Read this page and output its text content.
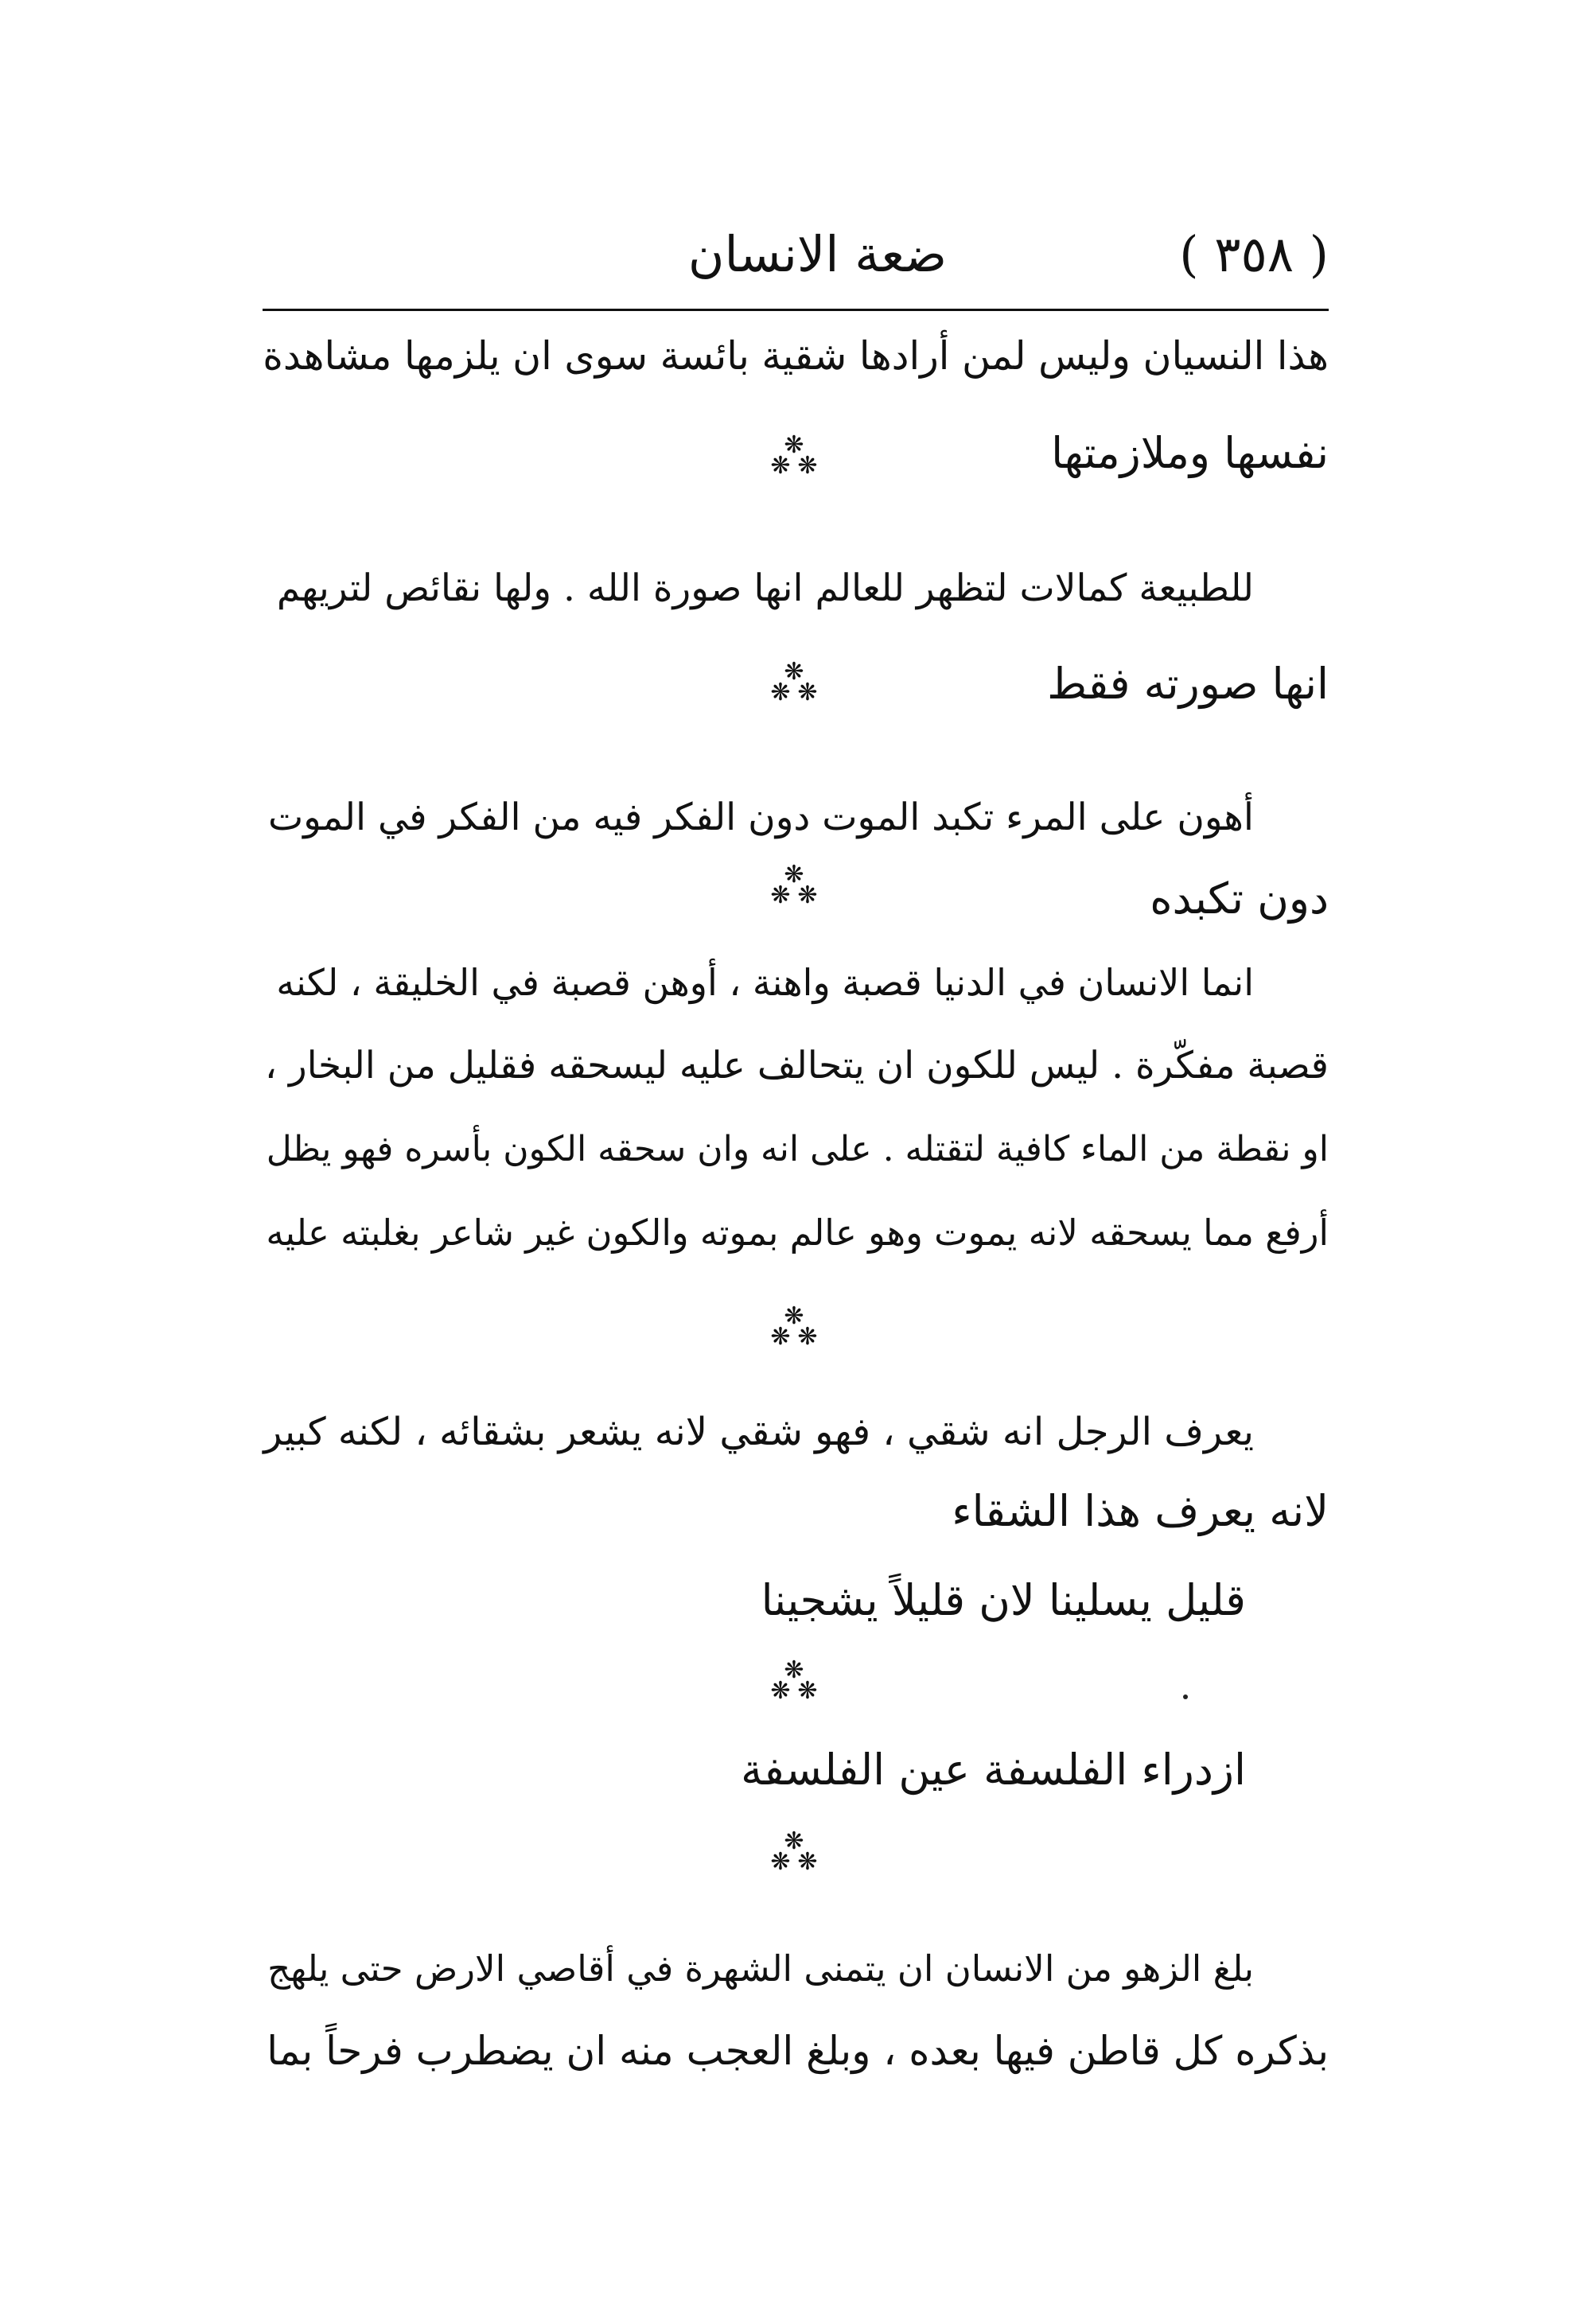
( ٣٥٨ )
ضعة الانسان
هذا النسيان وليس لمن أرادها شقية بائسة سوى ان يلزمها مشاهدة
نفسها وملازمتها
❋
❋ ❋
للطبيعة كمالات لتظهر للعالم انها صورة الله . ولها نقائص لتريهم
انها صورته فقط
❋
❋ ❋
أهون على المرء تكبد الموت دون الفكر فيه من الفكر في الموت
دون تكبده
❋
❋ ❋
انما الانسان في الدنيا قصبة واهنة ، أوهن قصبة في الخليقة ، لكنه
قصبة مفكّرة . ليس للكون ان يتحالف عليه ليسحقه فقليل من البخار ،
او نقطة من الماء كافية لتقتله . على انه وان سحقه الكون بأسره فهو يظل
أرفع مما يسحقه لانه يموت وهو عالم بموته والكون غير شاعر بغلبته عليه
❋
❋ ❋
يعرف الرجل انه شقي ، فهو شقي لانه يشعر بشقائه ، لكنه كبير
لانه يعرف هذا الشقاء
قليل يسلينا لان قليلاً يشجينا
❋
❋ ❋
ازدراء الفلسفة عين الفلسفة
❋
❋ ❋
بلغ الزهو من الانسان ان يتمنى الشهرة في أقاصي الارض حتى يلهج
بذكره كل قاطن فيها بعده ، وبلغ العجب منه ان يضطرب فرحاً بما
